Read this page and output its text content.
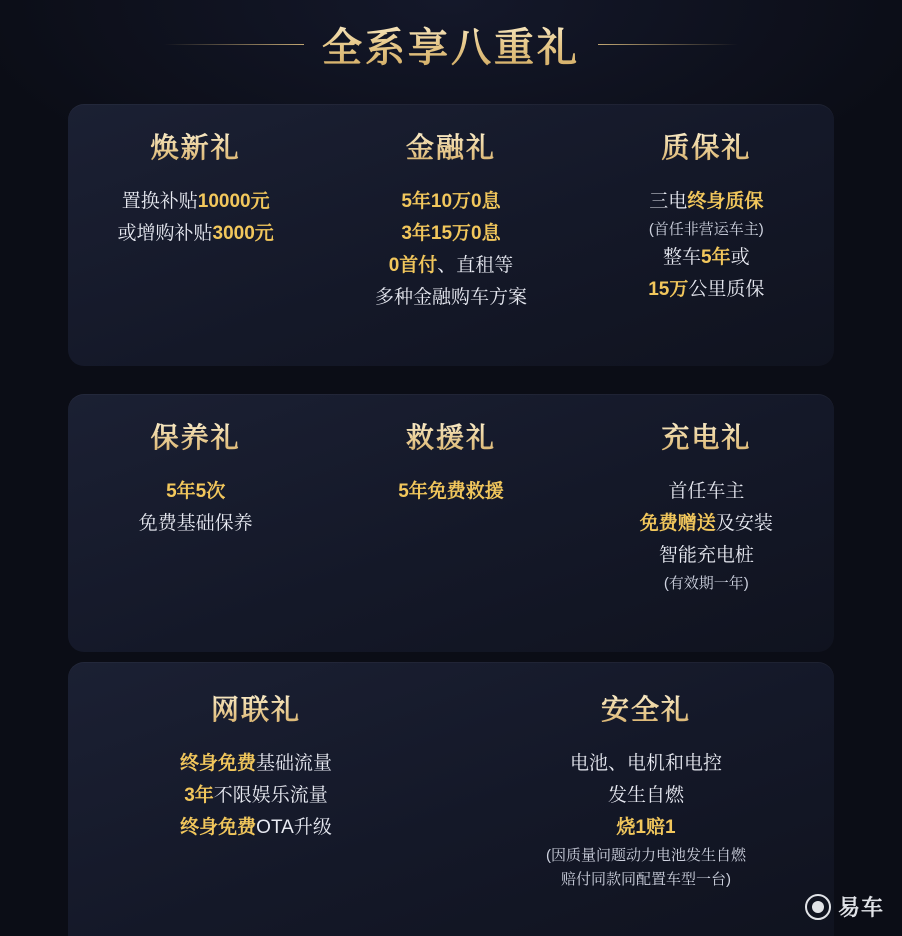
全系享八重礼
焕新礼
置换补贴10000元
或增购补贴3000元
金融礼
5年10万0息
3年15万0息
0首付、直租等
多种金融购车方案
质保礼
三电终身质保
(首任非营运车主)
整车5年或
15万公里质保
保养礼
5年5次
免费基础保养
救援礼
5年免费救援
充电礼
首任车主
免费赠送及安装
智能充电桩
(有效期一年)
网联礼
终身免费基础流量
3年不限娱乐流量
终身免费OTA升级
安全礼
电池、电机和电控
发生自燃
烧1赔1
(因质量问题动力电池发生自燃
赔付同款同配置车型一台)
易车
